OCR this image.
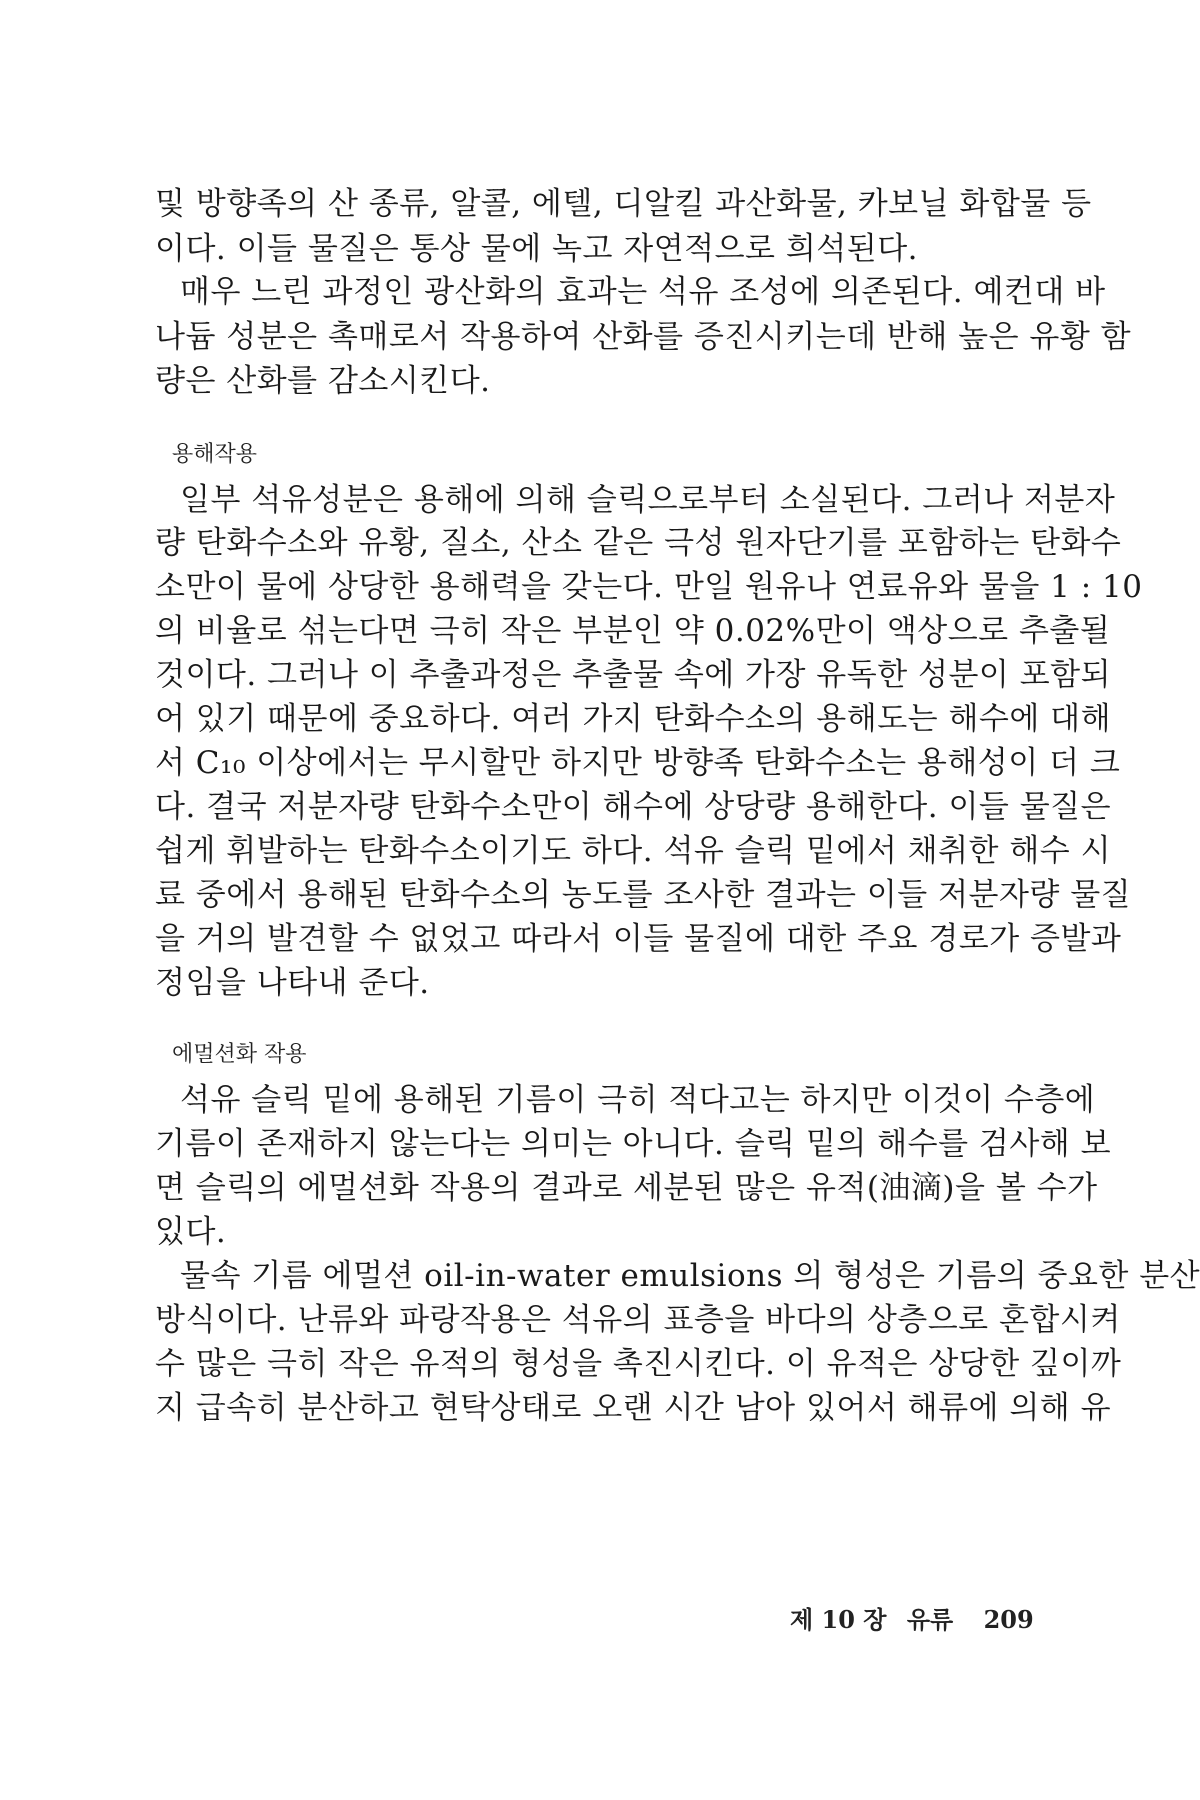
및 방향족의 산 종류, 알콜, 에텔, 디알킬 과산화물, 카보닐 화합물 등
이다. 이들 물질은 통상 물에 녹고 자연적으로 희석된다.
매우 느린 과정인 광산화의 효과는 석유 조성에 의존된다. 예컨대 바
나듐 성분은 촉매로서 작용하여 산화를 증진시키는데 반해 높은 유황 함
량은 산화를 감소시킨다.
용해작용
일부 석유성분은 용해에 의해 슬릭으로부터 소실된다. 그러나 저분자
량 탄화수소와 유황, 질소, 산소 같은 극성 원자단기를 포함하는 탄화수
소만이 물에 상당한 용해력을 갖는다. 만일 원유나 연료유와 물을 1 : 10
의 비율로 섞는다면 극히 작은 부분인 약 0.02%만이 액상으로 추출될
것이다. 그러나 이 추출과정은 추출물 속에 가장 유독한 성분이 포함되
어 있기 때문에 중요하다. 여러 가지 탄화수소의 용해도는 해수에 대해
서 C₁₀ 이상에서는 무시할만 하지만 방향족 탄화수소는 용해성이 더 크
다. 결국 저분자량 탄화수소만이 해수에 상당량 용해한다. 이들 물질은
쉽게 휘발하는 탄화수소이기도 하다. 석유 슬릭 밑에서 채취한 해수 시
료 중에서 용해된 탄화수소의 농도를 조사한 결과는 이들 저분자량 물질
을 거의 발견할 수 없었고 따라서 이들 물질에 대한 주요 경로가 증발과
정임을 나타내 준다.
에멀션화 작용
석유 슬릭 밑에 용해된 기름이 극히 적다고는 하지만 이것이 수층에
기름이 존재하지 않는다는 의미는 아니다. 슬릭 밑의 해수를 검사해 보
면 슬릭의 에멀션화 작용의 결과로 세분된 많은 유적(油滴)을 볼 수가
있다.
물속 기름 에멀션 oil-in-water emulsions 의 형성은 기름의 중요한 분산
방식이다. 난류와 파랑작용은 석유의 표층을 바다의 상층으로 혼합시켜
수 많은 극히 작은 유적의 형성을 촉진시킨다. 이 유적은 상당한 깊이까
지 급속히 분산하고 현탁상태로 오랜 시간 남아 있어서 해류에 의해 유
제 10 장 유류 209
